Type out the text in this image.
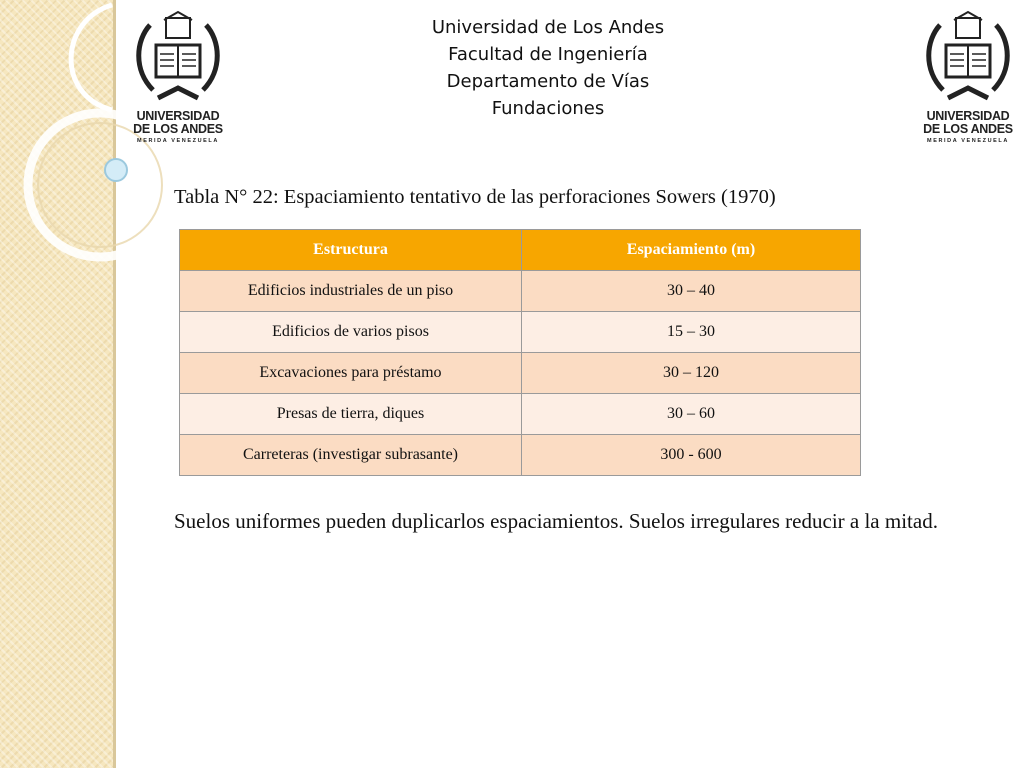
Universidad de Los Andes
Facultad de Ingeniería
Departamento de Vías
Fundaciones
UNIVERSIDAD
DE LOS ANDES
MERIDA VENEZUELA
UNIVERSIDAD
DE LOS ANDES
MERIDA VENEZUELA
Tabla N° 22: Espaciamiento tentativo de las perforaciones Sowers (1970)
Estructura	Espaciamiento (m)
Edificios industriales de un piso	30 – 40
Edificios de varios pisos	15 – 30
Excavaciones para préstamo	30 – 120
Presas de tierra, diques	30 – 60
Carreteras (investigar subrasante)	300 - 600
Suelos uniformes pueden duplicarlos espaciamientos. Suelos irregulares reducir a la mitad.
